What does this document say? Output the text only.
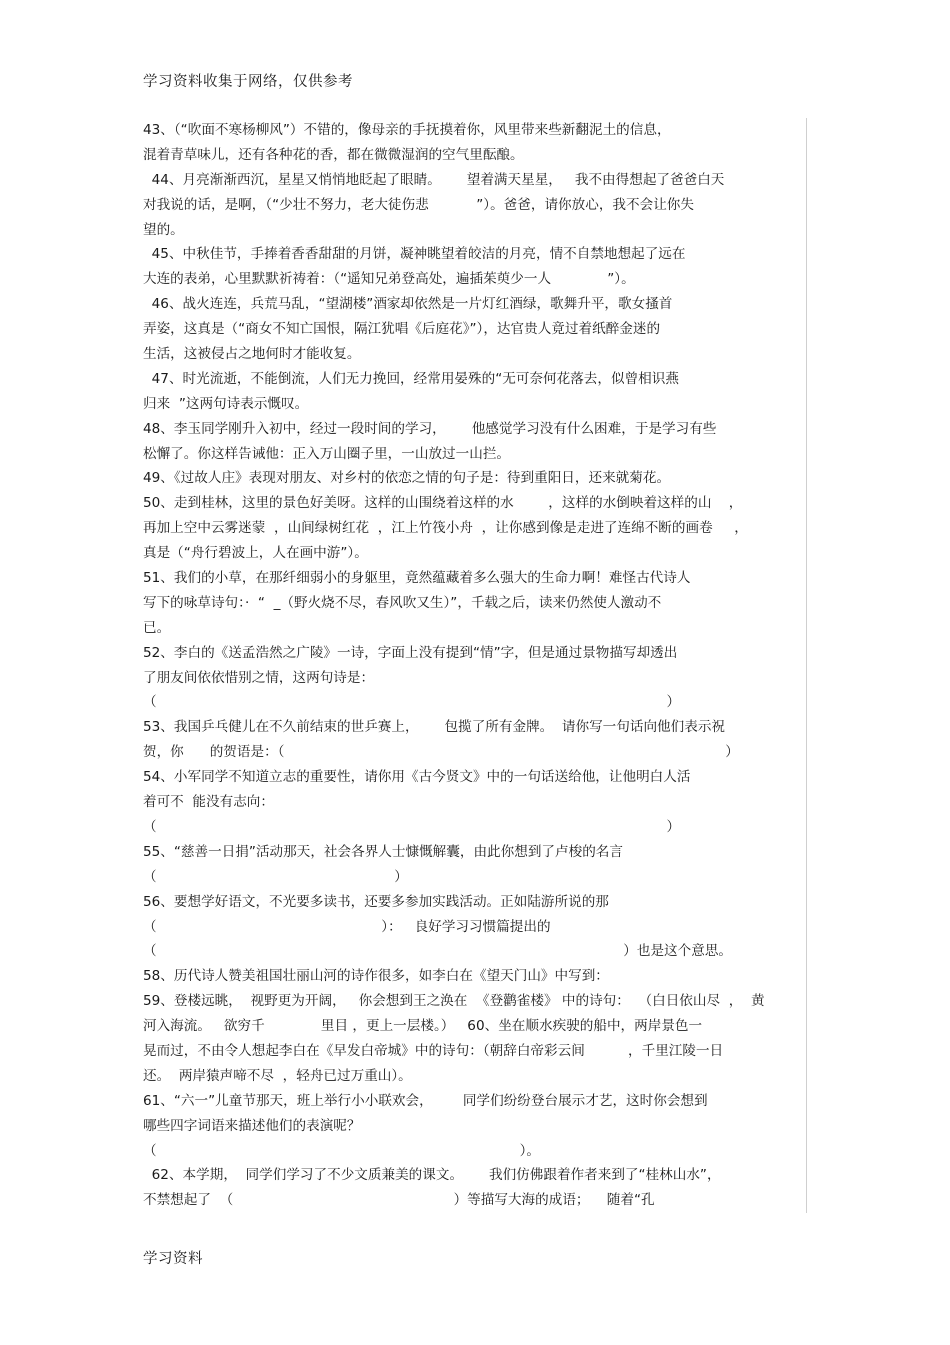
学习资料收集于网络，仅供参考
43、（“吹面不寒杨柳风”）不错的，像母亲的手抚摸着你，风里带来些新翻泥土的信息，
混着青草味儿，还有各种花的香，都在微微湿润的空气里酝酿。
44、月亮渐渐西沉，星星又悄悄地眨起了眼睛。      望着满天星星，   我不由得想起了爸爸白天
对我说的话，是啊，（“少壮不努力，老大徒伤悲           ”）。爸爸，请你放心，我不会让你失
望的。
45、中秋佳节，手捧着香香甜甜的月饼，凝神眺望着皎洁的月亮，情不自禁地想起了远在
大连的表弟，心里默默祈祷着：（“遥知兄弟登高处，遍插茱萸少一人             ”）。
46、战火连连，兵荒马乱，“望湖楼”酒家却依然是一片灯红酒绿，歌舞升平，歌女搔首
弄姿，这真是（“商女不知亡国恨，隔江犹唱《后庭花》”），达官贵人竟过着纸醉金迷的
生活，这被侵占之地何时才能收复。
47、时光流逝，不能倒流，人们无力挽回，经常用晏殊的“无可奈何花落去，似曾相识燕
归来  ”这两句诗表示慨叹。
48、李玉同学刚升入初中，经过一段时间的学习，      他感觉学习没有什么困难，于是学习有些
松懈了。你这样告诫他：正入万山圈子里，一山放过一山拦。
49、《过故人庄》表现对朋友、对乡村的依恋之情的句子是：待到重阳日，还来就菊花。
50、走到桂林，这里的景色好美呀。这样的山围绕着这样的水        ，这样的水倒映着这样的山    ，
再加上空中云雾迷蒙  ，山间绿树红花  ，江上竹筏小舟  ，让你感到像是走进了连绵不断的画卷     ，
真是（“舟行碧波上，人在画中游”）。
51、我们的小草，在那纤细弱小的身躯里，竟然蕴藏着多么强大的生命力啊！难怪古代诗人
写下的咏草诗句：·  “  _（野火烧不尽，春风吹又生）”，千载之后，读来仍然使人激动不
已。
52、李白的《送孟浩然之广陵》一诗，字面上没有提到“情”字，但是通过景物描写却透出
了朋友间依依惜别之情，这两句诗是：
（                                                                                                                      ）
53、我国乒乓健儿在不久前结束的世乒赛上，      包揽了所有金牌。  请你写一句话向他们表示祝
贺，你      的贺语是：（                                                                                                      ）
54、小军同学不知道立志的重要性，请你用《古今贤文》中的一句话送给他，让他明白人活
着可不  能没有志向：
（                                                                                                                      ）
55、“慈善一日捐”活动那天，社会各界人士慷慨解囊，由此你想到了卢梭的名言
（                                                       ）
56、要想学好语文，不光要多读书，还要多参加实践活动。正如陆游所说的那
（                                                    ）：   良好学习习惯篇提出的
（                                                                                                            ）也是这个意思。
58、历代诗人赞美祖国壮丽山河的诗作很多，如李白在《望天门山》中写到：
59、登楼远眺，  视野更为开阔，   你会想到王之涣在  《登鹳雀楼》 中的诗句：  （白日依山尽  ，  黄
河入海流。   欲穷千             里目 ，更上一层楼。）   60、坐在顺水疾驶的船中，两岸景色一
晃而过，不由令人想起李白在《早发白帝城》中的诗句：（朝辞白帝彩云间          ，千里江陵一日
还。  两岸猿声啼不尽  ，轻舟已过万重山）。
61、“六一”儿童节那天，班上举行小小联欢会，       同学们纷纷登台展示才艺，这时你会想到
哪些四字词语来描述他们的表演呢？
（                                                                                    ）。
62、本学期，  同学们学习了不少文质兼美的课文。      我们仿佛跟着作者来到了“桂林山水”，
不禁想起了  （                                                   ）等描写大海的成语；    随着“孔
学习资料
